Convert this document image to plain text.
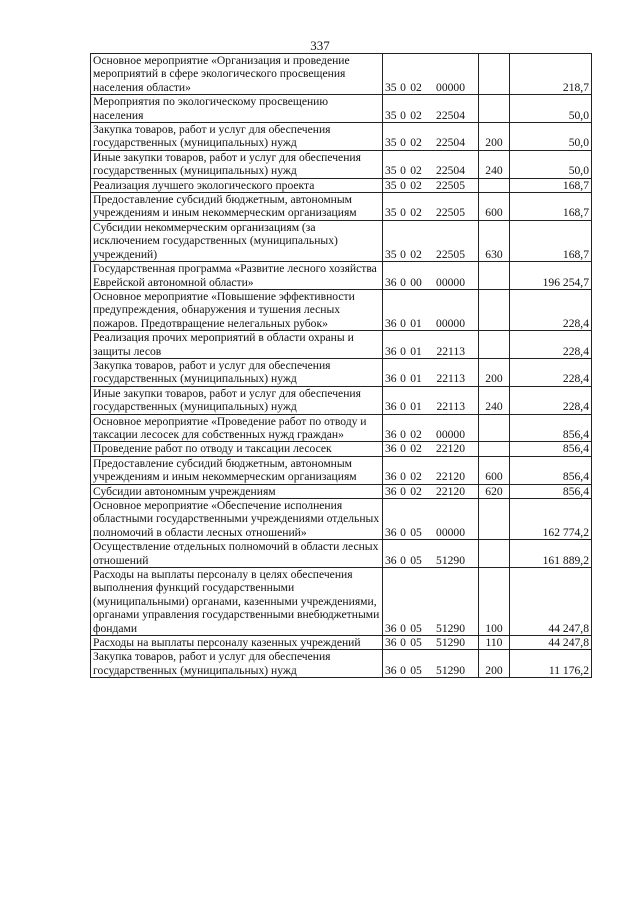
337
Основное мероприятие «Организация и проведение мероприятий в сфере экологического просвещения населения области»	35 0 02 00000		218,7
Мероприятия по экологическому просвещению населения	35 0 02 22504		50,0
Закупка товаров, работ и услуг для обеспечения государственных (муниципальных) нужд	35 0 02 22504	200	50,0
Иные закупки товаров, работ и услуг для обеспечения государственных (муниципальных) нужд	35 0 02 22504	240	50,0
Реализация лучшего экологического проекта	35 0 02 22505		168,7
Предоставление субсидий бюджетным, автономным учреждениям и иным некоммерческим организациям	35 0 02 22505	600	168,7
Субсидии некоммерческим организациям (за исключением государственных (муниципальных) учреждений)	35 0 02 22505	630	168,7
Государственная программа «Развитие лесного хозяйства Еврейской автономной области»	36 0 00 00000		196 254,7
Основное мероприятие «Повышение эффективности предупреждения, обнаружения и тушения лесных пожаров. Предотвращение нелегальных рубок»	36 0 01 00000		228,4
Реализация прочих мероприятий в области охраны и защиты лесов	36 0 01 22113		228,4
Закупка товаров, работ и услуг для обеспечения государственных (муниципальных) нужд	36 0 01 22113	200	228,4
Иные закупки товаров, работ и услуг для обеспечения государственных (муниципальных) нужд	36 0 01 22113	240	228,4
Основное мероприятие «Проведение работ по отводу и таксации лесосек для собственных нужд граждан»	36 0 02 00000		856,4
Проведение работ по отводу и таксации лесосек	36 0 02 22120		856,4
Предоставление субсидий бюджетным, автономным учреждениям и иным некоммерческим организациям	36 0 02 22120	600	856,4
Субсидии автономным учреждениям	36 0 02 22120	620	856,4
Основное мероприятие «Обеспечение исполнения областными государственными учреждениями отдельных полномочий в области лесных отношений»	36 0 05 00000		162 774,2
Осуществление отдельных полномочий в области лесных отношений	36 0 05 51290		161 889,2
Расходы на выплаты персоналу в целях обеспечения выполнения функций государственными (муниципальными) органами, казенными учреждениями, органами управления государственными внебюджетными фондами	36 0 05 51290	100	44 247,8
Расходы на выплаты персоналу казенных учреждений	36 0 05 51290	110	44 247,8
Закупка товаров, работ и услуг для обеспечения государственных (муниципальных) нужд	36 0 05 51290	200	11 176,2
